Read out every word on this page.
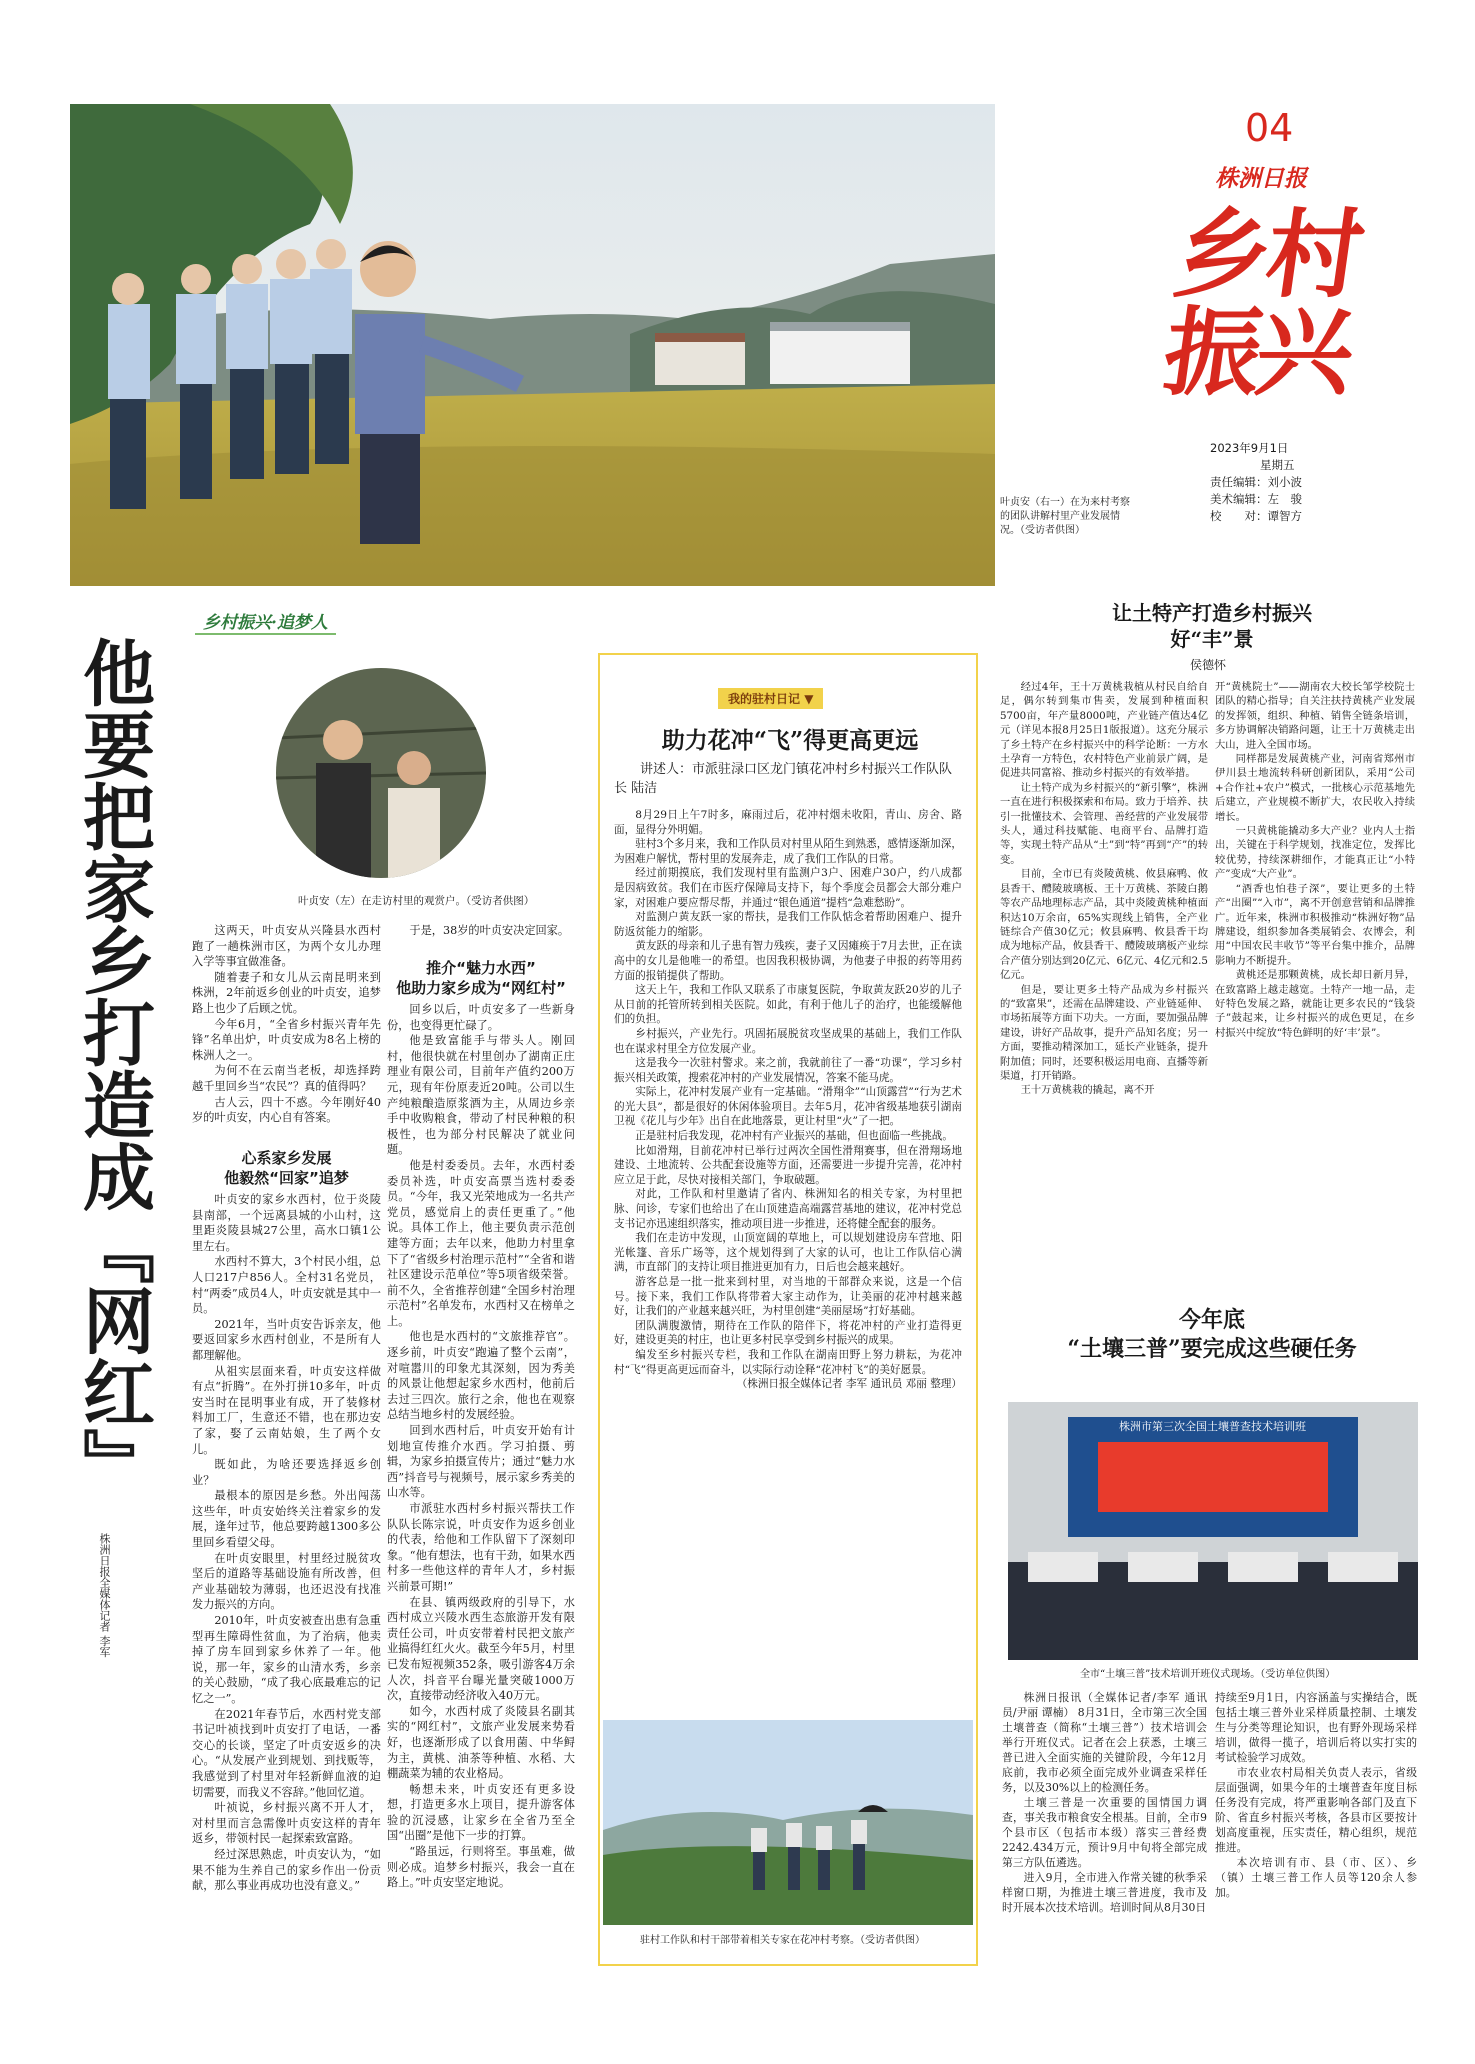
叶贞安（右一）在为来村考察的团队讲解村里产业发展情况。（受访者供图）
04
株洲日报
乡村
振兴
2023年9月1日
星期五
责任编辑：刘小波
美术编辑：左　骏
校　　对：谭智方
乡村振兴·追梦人
他要把家乡打造成『网红』
株洲日报全媒体记者 李军
叶贞安（左）在走访村里的观赏户。（受访者供图）

这两天，叶贞安从兴隆县水西村跑了一趟株洲市区，为两个女儿办理入学等事宜做准备。

随着妻子和女儿从云南昆明来到株洲，2年前返乡创业的叶贞安，追梦路上也少了后顾之忧。

今年6月，“全省乡村振兴青年先锋”名单出炉，叶贞安成为8名上榜的株洲人之一。

为何不在云南当老板，却选择跨越千里回乡当“农民”？真的值得吗？

古人云，四十不惑。今年刚好40岁的叶贞安，内心自有答案。

心系家乡发展
他毅然“回家”追梦

叶贞安的家乡水西村，位于炎陵县南部，一个远离县城的小山村，这里距炎陵县城27公里，高水口镇1公里左右。

水西村不算大，3个村民小组，总人口217户856人。全村31名党员，村“两委”成员4人，叶贞安就是其中一员。

2021年，当叶贞安告诉亲友，他要返回家乡水西村创业，不是所有人都理解他。

从祖实层面来看，叶贞安这样做有点“折腾”。在外打拼10多年，叶贞安当时在昆明事业有成，开了装修材料加工厂，生意还不错，也在那边安了家，娶了云南姑娘，生了两个女儿。

既如此，为啥还要选择返乡创业？

最根本的原因是乡愁。外出闯荡这些年，叶贞安始终关注着家乡的发展，逢年过节，他总要跨越1300多公里回乡看望父母。

在叶贞安眼里，村里经过脱贫攻坚后的道路等基础设施有所改善，但产业基础较为薄弱，也还迟没有找准发力振兴的方向。

2010年，叶贞安被查出患有急重型再生障碍性贫血，为了治病，他卖掉了房车回到家乡休养了一年。他说，那一年，家乡的山清水秀，乡亲的关心鼓励，“成了我心底最难忘的记忆之一”。

在2021年春节后，水西村党支部书记叶祯找到叶贞安打了电话，一番交心的长谈，坚定了叶贞安返乡的决心。“从发展产业到规划、到找贩等，我感觉到了村里对年轻新鲜血液的迫切需要，而我义不容辞。”他回忆道。

叶祯说，乡村振兴离不开人才，对村里而言急需像叶贞安这样的青年返乡，带领村民一起探索致富路。

经过深思熟虑，叶贞安认为，“如果不能为生养自己的家乡作出一份贡献，那么事业再成功也没有意义。”

于是，38岁的叶贞安决定回家。

推介“魅力水西”
他助力家乡成为“网红村”

回乡以后，叶贞安多了一些新身份，也变得更忙碌了。

他是致富能手与带头人。刚回村，他很快就在村里创办了湖南正庄理业有限公司，目前年产值约200万元，现有年份原麦近20吨。公司以生产纯粮酿造原浆酒为主，从周边乡亲手中收购粮食，带动了村民种粮的积极性，也为部分村民解决了就业问题。

他是村委委员。去年，水西村委委员补选，叶贞安高票当选村委委员。“今年，我又光荣地成为一名共产党员，感觉肩上的责任更重了。”他说。具体工作上，他主要负责示范创建等方面；去年以来，他助力村里拿下了“省级乡村治理示范村”“全省和谐社区建设示范单位”等5项省级荣誉。前不久，全省推荐创建“全国乡村治理示范村”名单发布，水西村又在榜单之上。

他也是水西村的“文旅推荐官”。逐乡前，叶贞安“跑遍了整个云南”，对喧嚣川的印象尤其深刻，因为秀美的风景让他想起家乡水西村，他前后去过三四次。旅行之余，他也在观察总结当地乡村的发展经验。

回到水西村后，叶贞安开始有计划地宣传推介水西。学习拍摄、剪辑，为家乡拍摄宣传片；通过“魅力水西”抖音号与视频号，展示家乡秀美的山水等。

市派驻水西村乡村振兴帮扶工作队队长陈宗说，叶贞安作为返乡创业的代表，给他和工作队留下了深刻印象。“他有想法，也有干劲，如果水西村多一些他这样的青年人才，乡村振兴前景可期!”

在县、镇两级政府的引导下，水西村成立兴陵水西生态旅游开发有限责任公司，叶贞安带着村民把文旅产业搞得红红火火。截至今年5月，村里已发布短视频352条，吸引游客4万余人次，抖音平台曝光量突破1000万次，直接带动经济收入40万元。

如今，水西村成了炎陵县名副其实的“网红村”，文旅产业发展来势看好，也逐渐形成了以食用菌、中华鲟为主，黄桃、油茶等种植、水稻、大棚蔬菜为辅的农业格局。

畅想未来，叶贞安还有更多设想，打造更多水上项目，提升游客体验的沉浸感，让家乡在全省乃至全国“出圈”是他下一步的打算。

“路虽远，行则将至。事虽难，做则必成。追梦乡村振兴，我会一直在路上。”叶贞安坚定地说。

我的驻村日记 ▼
助力花冲“飞”得更高更远
讲述人：市派驻渌口区龙门镇花冲村乡村振兴工作队队长 陆洁

8月29日上午7时多，麻雨过后，花冲村烟未收阳，青山、房舍、路面，显得分外明媚。

驻村3个多月来，我和工作队员对村里从陌生到熟悉，感情逐渐加深，为困难户解忧，帮村里的发展奔走，成了我们工作队的日常。

经过前期摸底，我们发现村里有监测户3户、困难户30户，约八成都是因病致贫。我们在市医疗保障局支持下，每个季度会员都会大部分难户家，对困难户要应帮尽帮，并通过“银色通道”提档“急难愁盼”。

对监测户黄友跃一家的帮扶，是我们工作队惦念着帮助困难户、提升防返贫能力的缩影。

黄友跃的母亲和儿子患有智力残疾，妻子又因瘫痪于7月去世，正在读高中的女儿是他唯一的希望。也因我积极协调，为他妻子申报的药等用药方面的报销提供了帮助。

这天上午，我和工作队又联系了市康复医院，争取黄友跃20岁的儿子从日前的托管所转到相关医院。如此，有利于他儿子的治疗，也能缓解他们的负担。

乡村振兴，产业先行。巩固拓展脱贫攻坚成果的基础上，我们工作队也在谋求村里全方位发展产业。

这是我今一次驻村警求。来之前，我就前往了一番“功课”，学习乡村振兴相关政策，搜索花冲村的产业发展情况，答案不能马虎。

实际上，花冲村发展产业有一定基础。“滑翔伞”“山顶露营”“行为艺术的光大县”，都是很好的休闲体验项目。去年5月，花冲省级基地获引湖南卫视《花儿与少年》出自在此地落景，更让村里“火”了一把。

正是驻村后我发现，花冲村有产业振兴的基础，但也面临一些挑战。

比如滑翔，目前花冲村已举行过两次全国性滑翔赛事，但在滑翔场地建设、土地流转、公共配套设施等方面，还需要进一步提升完善，花冲村应立足于此，尽快对接相关部门，争取破题。

对此，工作队和村里邀请了省内、株洲知名的相关专家，为村里把脉、问诊，专家们也给出了在山顶建造高端露营基地的建议，花冲村党总支书记亦迅速组织落实，推动项目进一步推进，还将健全配套的服务。

我们在走访中发现，山顶宽阔的草地上，可以规划建设房车营地、阳光帐篷、音乐广场等，这个规划得到了大家的认可，也让工作队信心满满，市直部门的支持让项目推进更加有力，日后也会越来越好。

游客总是一批一批来到村里，对当地的干部群众来说，这是一个信号。接下来，我们工作队将带着大家主动作为，让美丽的花冲村越来越好，让我们的产业越来越兴旺，为村里创建“美丽屋场”打好基础。

团队满腹激情，期待在工作队的陪伴下，将花冲村的产业打造得更好，建设更美的村庄，也让更多村民享受到乡村振兴的成果。

编发至乡村振兴专栏，我和工作队在湖南田野上努力耕耘，为花冲村“飞”得更高更远而奋斗，以实际行动诠释“花冲村飞”的美好愿景。

（株洲日报全媒体记者 李军 通讯员 邓丽 整理）

驻村工作队和村干部带着相关专家在花冲村考察。（受访者供图）
让土特产打造乡村振兴
好“丰”景
侯德怀

经过4年，王十万黄桃栽植从村民自给自足，偶尔转到集市售卖，发展到种植面积5700亩，年产量8000吨，产业链产值达4亿元（详见本报8月25日1版报道）。这充分展示了乡土特产在乡村振兴中的科学论断：一方水土孕育一方特色，农村特色产业前景广阔，是促进共同富裕、推动乡村振兴的有效举措。

让土特产成为乡村振兴的“新引擎”，株洲一直在进行积极探索和布局。致力于培养、扶引一批懂技术、会管理、善经营的产业发展带头人，通过科技赋能、电商平台、品牌打造等，实现土特产品从“土”到“特”再到“产”的转变。

目前，全市已有炎陵黄桃、攸县麻鸭、攸县香干、醴陵玻璃板、王十万黄桃、茶陵白鹅等农产品地理标志产品，其中炎陵黄桃种植面积达10万余亩，65%实现线上销售，全产业链综合产值30亿元；攸县麻鸭、攸县香干均成为地标产品，攸县香干、醴陵玻璃板产业综合产值分别达到20亿元、6亿元、4亿元和2.5亿元。

但是，要让更多土特产品成为乡村振兴的“致富果”，还需在品牌建设、产业链延伸、市场拓展等方面下功夫。一方面，要加强品牌建设，讲好产品故事，提升产品知名度；另一方面，要推动精深加工，延长产业链条，提升附加值；同时，还要积极运用电商、直播等新渠道，打开销路。

王十万黄桃栽的撬起，离不开

开“黄桃院士”——湖南农大校长邹学校院士团队的精心指导；自关注扶持黄桃产业发展的发挥领，组织、种植、销售全链条培训，多方协调解决销路问题，让王十万黄桃走出大山，进入全国市场。

同样都是发展黄桃产业，河南省郑州市伊川县土地流转科研创新团队，采用“公司+合作社+农户”模式，一批核心示范基地先后建立，产业规模不断扩大，农民收入持续增长。

一只黄桃能撬动多大产业？业内人士指出，关键在于科学规划，找准定位，发挥比较优势，持续深耕细作，才能真正让“小特产”变成“大产业”。

“酒香也怕巷子深”，要让更多的土特产“出圈”“入市”，离不开创意营销和品牌推广。近年来，株洲市积极推动“株洲好物”品牌建设，组织参加各类展销会、农博会，利用“中国农民丰收节”等平台集中推介，品牌影响力不断提升。

黄桃还是那颗黄桃，成长却日新月异，在致富路上越走越宽。土特产一地一品，走好特色发展之路，就能让更多农民的“钱袋子”鼓起来，让乡村振兴的成色更足，在乡村振兴中绽放“特色鲜明的好‘丰’景”。

今年底
“土壤三普”要完成这些硬任务
株洲市第三次全国土壤普查技术培训班
全市“土壤三普”技术培训开班仪式现场。（受访单位供图）

株洲日报讯（全媒体记者/李军 通讯员/尹丽 谭楠） 8月31日，全市第三次全国土壤普查（简称“土壤三普”）技术培训会举行开班仪式。记者在会上获悉，土壤三普已进入全面实施的关键阶段，今年12月底前，我市必须全面完成外业调查采样任务，以及30%以上的检测任务。

土壤三普是一次重要的国情国力调查，事关我市粮食安全根基。目前，全市9个县市区（包括市本级）落实三普经费2242.434万元，预计9月中旬将全部完成第三方队伍遴选。

进入9月，全市进入作常关键的秋季采样窗口期，为推进土壤三普进度，我市及时开展本次技术培训。培训时间从8月30日

持续至9月1日，内容涵盖与实操结合，既包括土壤三普外业采样质量控制、土壤发生与分类等理论知识，也有野外现场采样培训，做得一揽子，培训后将以实打实的考试检验学习成效。

市农业农村局相关负责人表示，省级层面强调，如果今年的土壤普查年度目标任务没有完成，将严重影响各部门及直下阶、省直乡村振兴考核，各县市区要按计划高度重视，压实责任，精心组织，规范推进。

本次培训有市、县（市、区）、乡（镇）土壤三普工作人员等120余人参加。
